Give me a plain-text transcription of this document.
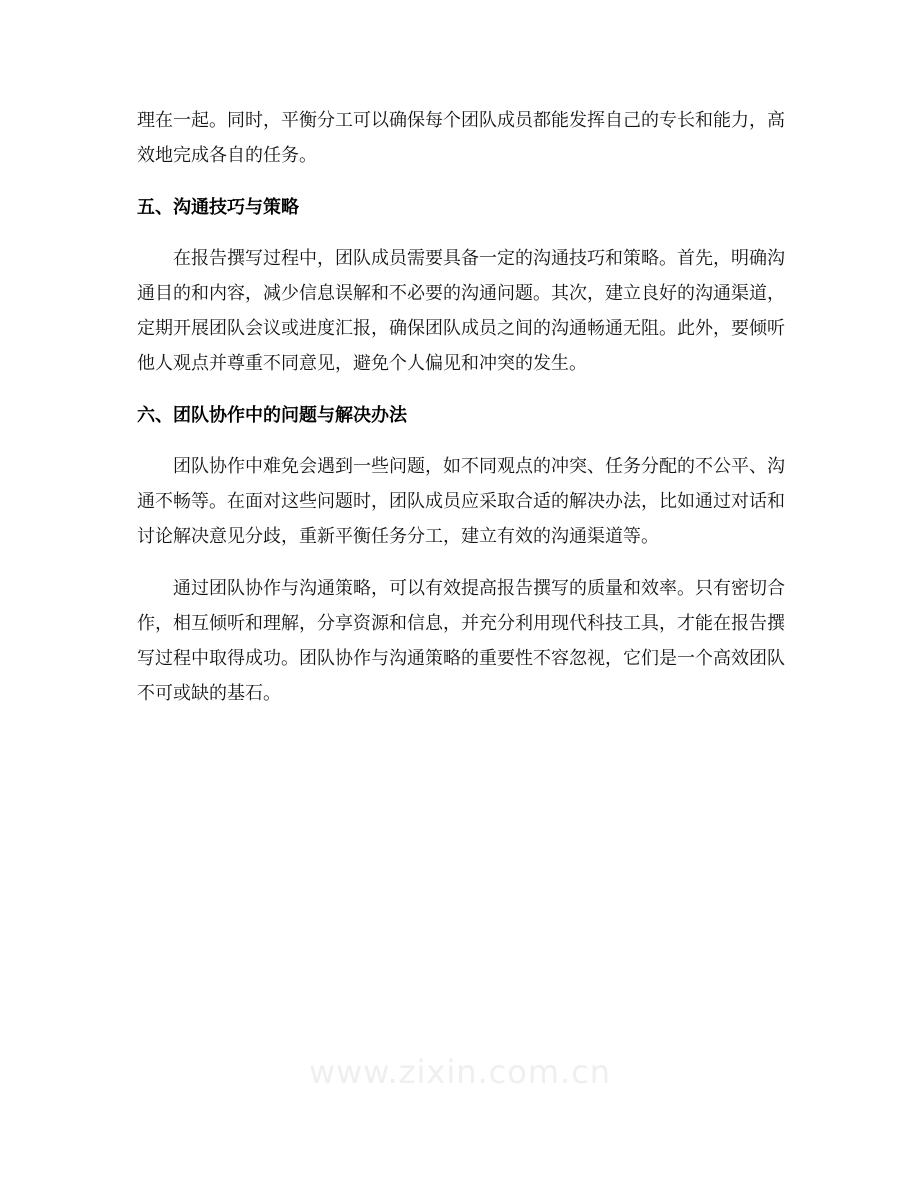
理在一起。同时，平衡分工可以确保每个团队成员都能发挥自己的专长和能力，高
效地完成各自的任务。
五、沟通技巧与策略
在报告撰写过程中，团队成员需要具备一定的沟通技巧和策略。首先，明确沟
通目的和内容，减少信息误解和不必要的沟通问题。其次，建立良好的沟通渠道，
定期开展团队会议或进度汇报，确保团队成员之间的沟通畅通无阻。此外，要倾听
他人观点并尊重不同意见，避免个人偏见和冲突的发生。
六、团队协作中的问题与解决办法
团队协作中难免会遇到一些问题，如不同观点的冲突、任务分配的不公平、沟
通不畅等。在面对这些问题时，团队成员应采取合适的解决办法，比如通过对话和
讨论解决意见分歧，重新平衡任务分工，建立有效的沟通渠道等。
通过团队协作与沟通策略，可以有效提高报告撰写的质量和效率。只有密切合
作，相互倾听和理解，分享资源和信息，并充分利用现代科技工具，才能在报告撰
写过程中取得成功。团队协作与沟通策略的重要性不容忽视，它们是一个高效团队
不可或缺的基石。
www.zixin.com.cn
